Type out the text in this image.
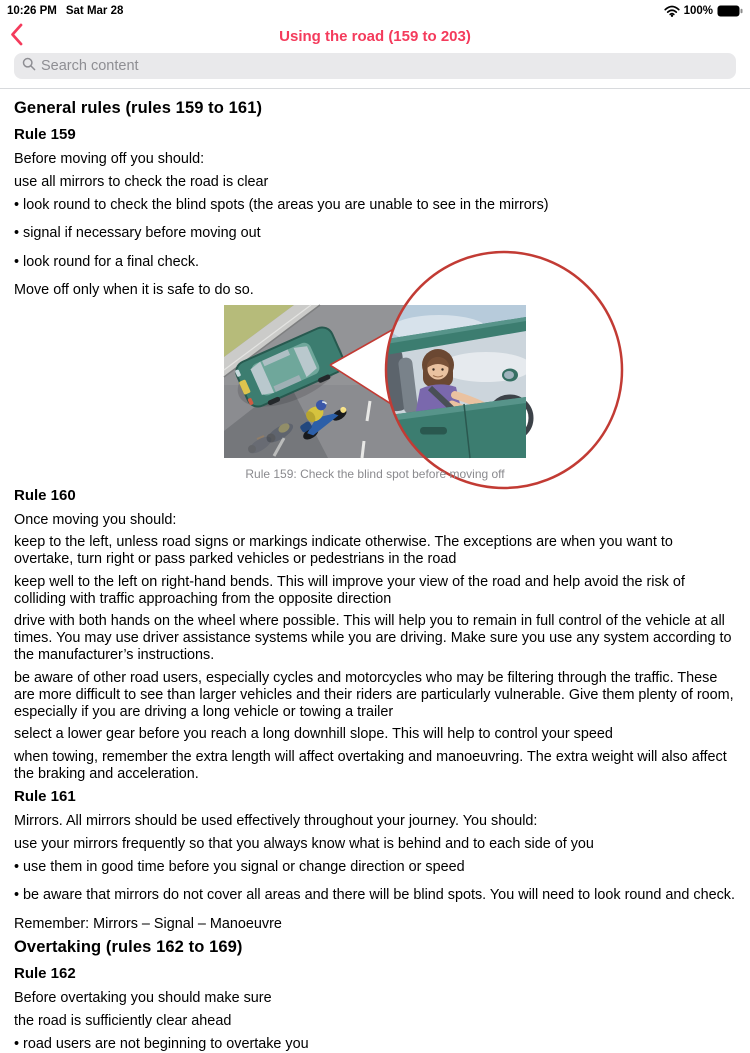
10:26 PM Sat Mar 28	100%
Using the road (159 to 203)
Search content
General rules (rules 159 to 161)
Rule 159
Before moving off you should:
use all mirrors to check the road is clear
• look round to check the blind spots (the areas you are unable to see in the mirrors)
• signal if necessary before moving out
• look round for a final check.
Move off only when it is safe to do so.
Rule 159: Check the blind spot before moving off
Rule 160
Once moving you should:
keep to the left, unless road signs or markings indicate otherwise. The exceptions are when you want to overtake, turn right or pass parked vehicles or pedestrians in the road
keep well to the left on right-hand bends. This will improve your view of the road and help avoid the risk of colliding with traffic approaching from the opposite direction
drive with both hands on the wheel where possible. This will help you to remain in full control of the vehicle at all times. You may use driver assistance systems while you are driving. Make sure you use any system according to the manufacturer’s instructions.
be aware of other road users, especially cycles and motorcycles who may be filtering through the traffic. These are more difficult to see than larger vehicles and their riders are particularly vulnerable. Give them plenty of room, especially if you are driving a long vehicle or towing a trailer
select a lower gear before you reach a long downhill slope. This will help to control your speed
when towing, remember the extra length will affect overtaking and manoeuvring. The extra weight will also affect the braking and acceleration.
Rule 161
Mirrors. All mirrors should be used effectively throughout your journey. You should:
use your mirrors frequently so that you always know what is behind and to each side of you
• use them in good time before you signal or change direction or speed
• be aware that mirrors do not cover all areas and there will be blind spots. You will need to look round and check.
Remember: Mirrors – Signal – Manoeuvre
Overtaking (rules 162 to 169)
Rule 162
Before overtaking you should make sure
the road is sufficiently clear ahead
• road users are not beginning to overtake you
